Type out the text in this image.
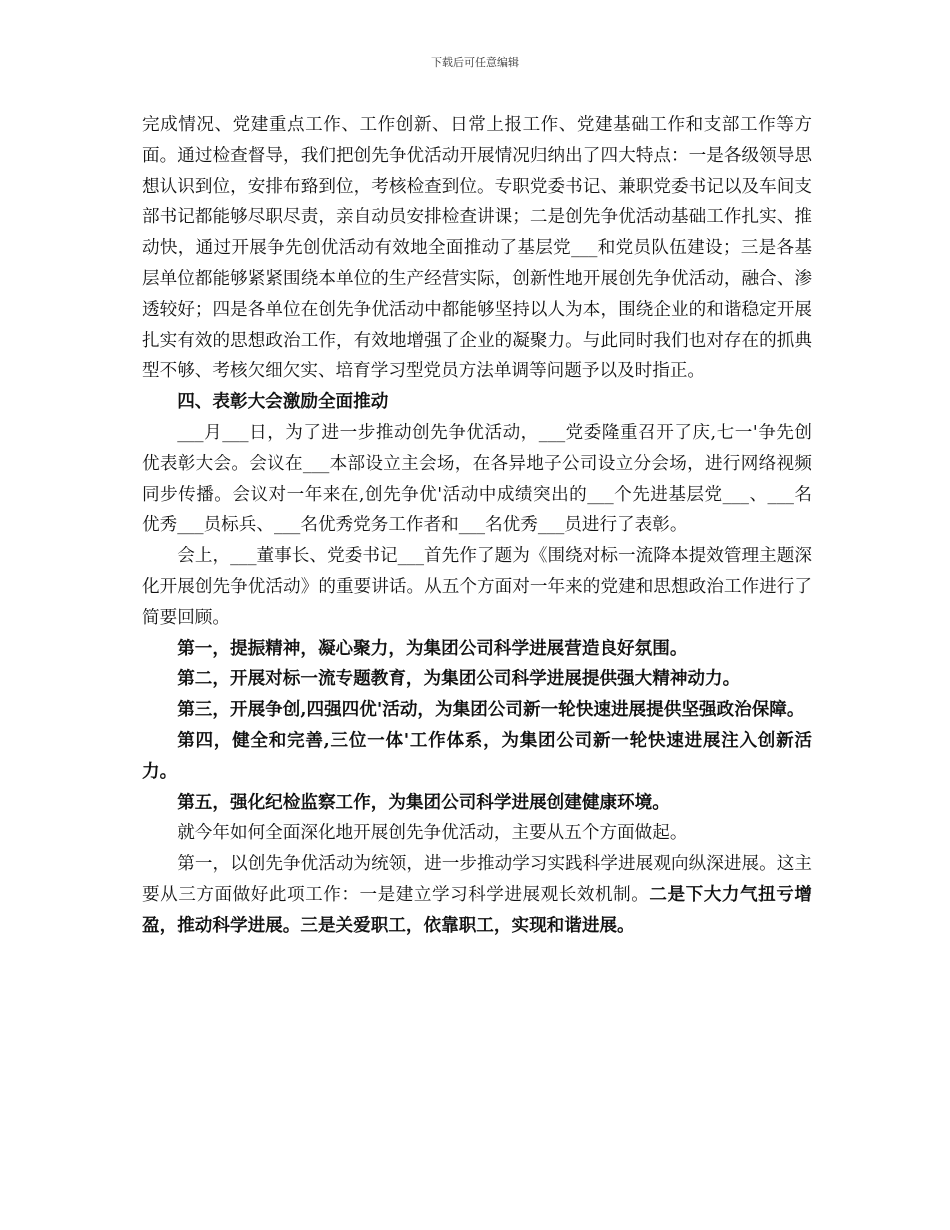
下载后可任意编辑

完成情况、党建重点工作、工作创新、日常上报工作、党建基础工作和支部工作等方面。通过检查督导，我们把创先争优活动开展情况归纳出了四大特点：一是各级领导思想认识到位，安排布臵到位，考核检查到位。专职党委书记、兼职党委书记以及车间支部书记都能够尽职尽责，亲自动员安排检查讲课；二是创先争优活动基础工作扎实、推动快，通过开展争先创优活动有效地全面推动了基层党___和党员队伍建设；三是各基层单位都能够紧紧围绕本单位的生产经营实际，创新性地开展创先争优活动，融合、渗透较好；四是各单位在创先争优活动中都能够坚持以人为本，围绕企业的和谐稳定开展扎实有效的思想政治工作，有效地增强了企业的凝聚力。与此同时我们也对存在的抓典型不够、考核欠细欠实、培育学习型党员方法单调等问题予以及时指正。

四、表彰大会激励全面推动

___月___日，为了进一步推动创先争优活动，___党委隆重召开了庆,七一'争先创优表彰大会。会议在___本部设立主会场，在各异地子公司设立分会场，进行网络视频同步传播。会议对一年来在,创先争优'活动中成绩突出的___个先进基层党___、___名优秀___员标兵、___名优秀党务工作者和___名优秀___员进行了表彰。

会上，___董事长、党委书记___首先作了题为《围绕对标一流降本提效管理主题深化开展创先争优活动》的重要讲话。从五个方面对一年来的党建和思想政治工作进行了简要回顾。

第一，提振精神，凝心聚力，为集团公司科学进展营造良好氛围。

第二，开展对标一流专题教育，为集团公司科学进展提供强大精神动力。

第三，开展争创,四强四优'活动，为集团公司新一轮快速进展提供坚强政治保障。

第四，健全和完善,三位一体'工作体系，为集团公司新一轮快速进展注入创新活力。

第五，强化纪检监察工作，为集团公司科学进展创建健康环境。

就今年如何全面深化地开展创先争优活动，主要从五个方面做起。

第一，以创先争优活动为统领，进一步推动学习实践科学进展观向纵深进展。这主要从三方面做好此项工作：一是建立学习科学进展观长效机制。二是下大力气扭亏增盈，推动科学进展。三是关爱职工，依靠职工，实现和谐进展。
